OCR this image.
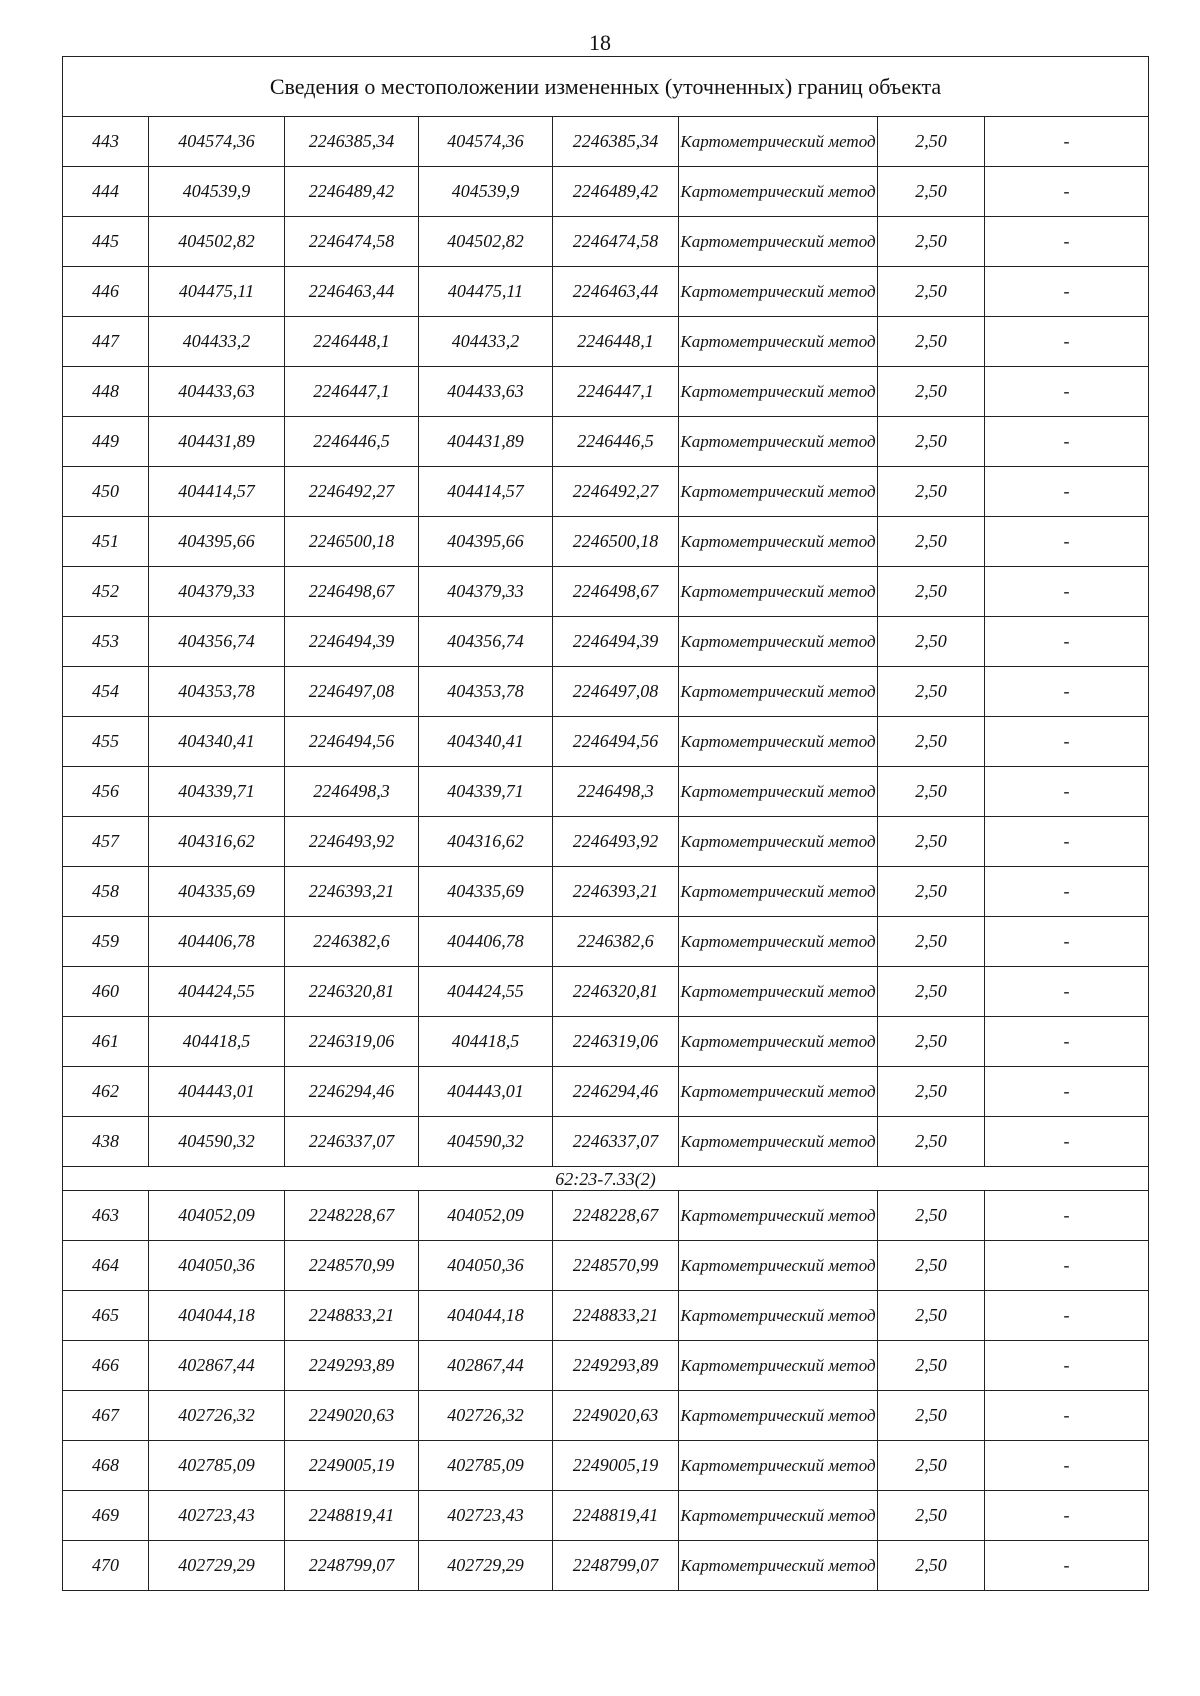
18
Сведения о местоположении измененных (уточненных) границ объекта							
443	404574,36	2246385,34	404574,36	2246385,34	Картометрический метод	2,50	-
444	404539,9	2246489,42	404539,9	2246489,42	Картометрический метод	2,50	-
445	404502,82	2246474,58	404502,82	2246474,58	Картометрический метод	2,50	-
446	404475,11	2246463,44	404475,11	2246463,44	Картометрический метод	2,50	-
447	404433,2	2246448,1	404433,2	2246448,1	Картометрический метод	2,50	-
448	404433,63	2246447,1	404433,63	2246447,1	Картометрический метод	2,50	-
449	404431,89	2246446,5	404431,89	2246446,5	Картометрический метод	2,50	-
450	404414,57	2246492,27	404414,57	2246492,27	Картометрический метод	2,50	-
451	404395,66	2246500,18	404395,66	2246500,18	Картометрический метод	2,50	-
452	404379,33	2246498,67	404379,33	2246498,67	Картометрический метод	2,50	-
453	404356,74	2246494,39	404356,74	2246494,39	Картометрический метод	2,50	-
454	404353,78	2246497,08	404353,78	2246497,08	Картометрический метод	2,50	-
455	404340,41	2246494,56	404340,41	2246494,56	Картометрический метод	2,50	-
456	404339,71	2246498,3	404339,71	2246498,3	Картометрический метод	2,50	-
457	404316,62	2246493,92	404316,62	2246493,92	Картометрический метод	2,50	-
458	404335,69	2246393,21	404335,69	2246393,21	Картометрический метод	2,50	-
459	404406,78	2246382,6	404406,78	2246382,6	Картометрический метод	2,50	-
460	404424,55	2246320,81	404424,55	2246320,81	Картометрический метод	2,50	-
461	404418,5	2246319,06	404418,5	2246319,06	Картометрический метод	2,50	-
462	404443,01	2246294,46	404443,01	2246294,46	Картометрический метод	2,50	-
438	404590,32	2246337,07	404590,32	2246337,07	Картометрический метод	2,50	-
62:23-7.33(2)							
463	404052,09	2248228,67	404052,09	2248228,67	Картометрический метод	2,50	-
464	404050,36	2248570,99	404050,36	2248570,99	Картометрический метод	2,50	-
465	404044,18	2248833,21	404044,18	2248833,21	Картометрический метод	2,50	-
466	402867,44	2249293,89	402867,44	2249293,89	Картометрический метод	2,50	-
467	402726,32	2249020,63	402726,32	2249020,63	Картометрический метод	2,50	-
468	402785,09	2249005,19	402785,09	2249005,19	Картометрический метод	2,50	-
469	402723,43	2248819,41	402723,43	2248819,41	Картометрический метод	2,50	-
470	402729,29	2248799,07	402729,29	2248799,07	Картометрический метод	2,50	-
